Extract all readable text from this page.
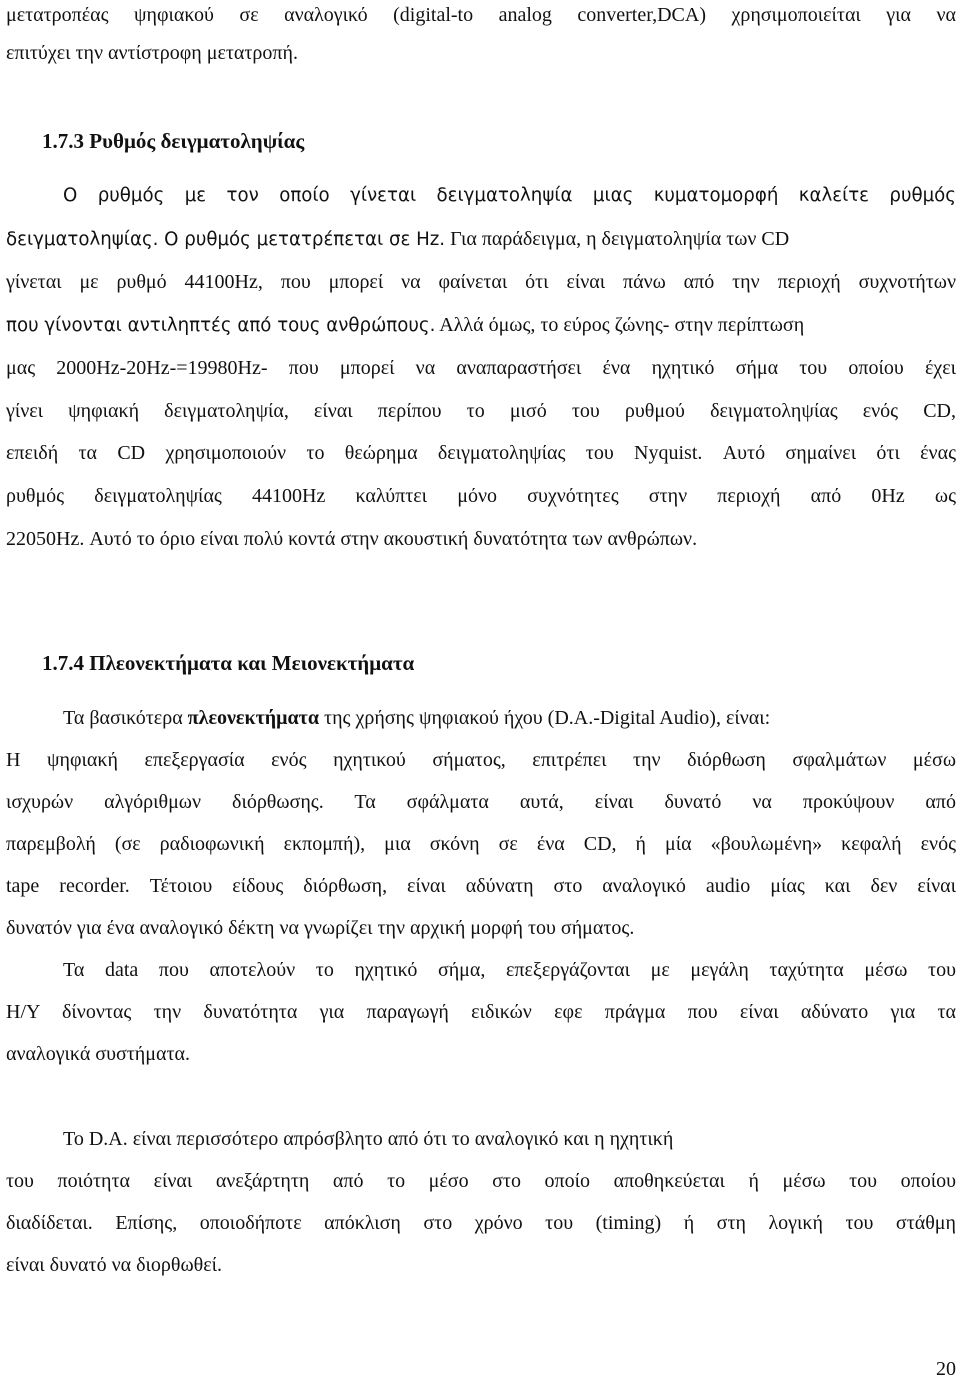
μετατροπέας ψηφιακού σε αναλογικό (digital-to analog converter,DCA) χρησιμοποιείται για να
επιτύχει την αντίστροφη μετατροπή.
1.7.3 Ρυθμός δειγματοληψίας
Ο ρυθμός με τον οποίο γίνεται δειγματοληψία μιας κυματομορφή καλείτε ρυθμός
δειγματοληψίας. Ο ρυθμός μετατρέπεται σε Hz. Για παράδειγμα, η δειγματοληψία των CD
γίνεται με ρυθμό 44100Hz, που μπορεί να φαίνεται ότι είναι πάνω από την περιοχή συχνοτήτων
που γίνονται αντιληπτές από τους ανθρώπους. Αλλά όμως, το εύρος ζώνης- στην περίπτωση
μας 2000Hz-20Hz-=19980Hz- που μπορεί να αναπαραστήσει ένα ηχητικό σήμα του οποίου έχει
γίνει ψηφιακή δειγματοληψία, είναι περίπου το μισό του ρυθμού δειγματοληψίας ενός CD,
επειδή τα CD χρησιμοποιούν το θεώρημα δειγματοληψίας του Nyquist. Αυτό σημαίνει ότι ένας
ρυθμός δειγματοληψίας 44100Hz καλύπτει μόνο συχνότητες στην περιοχή από 0Hz ως
22050Hz. Αυτό το όριο είναι πολύ κοντά στην ακουστική δυνατότητα των ανθρώπων.
1.7.4 Πλεονεκτήματα και Μειονεκτήματα
Τα βασικότερα πλεονεκτήματα της χρήσης ψηφιακού ήχου (D.A.-Digital Audio), είναι:
Η ψηφιακή επεξεργασία ενός ηχητικού σήματος, επιτρέπει την διόρθωση σφαλμάτων μέσω
ισχυρών αλγόριθμων διόρθωσης. Τα σφάλματα αυτά, είναι δυνατό να προκύψουν από
παρεμβολή (σε ραδιοφωνική εκπομπή), μια σκόνη σε ένα CD, ή μία «βουλωμένη» κεφαλή ενός
tape recorder. Τέτοιου είδους διόρθωση, είναι αδύνατη στο αναλογικό audio μίας και δεν είναι
δυνατόν για ένα αναλογικό δέκτη να γνωρίζει την αρχική μορφή του σήματος.
Τα data που αποτελούν το ηχητικό σήμα, επεξεργάζονται με μεγάλη ταχύτητα μέσω του
Η/Υ δίνοντας την δυνατότητα για παραγωγή ειδικών εφε πράγμα που είναι αδύνατο για τα
αναλογικά συστήματα.
Το D.A. είναι περισσότερο απρόσβλητο από ότι το αναλογικό και η ηχητική
του ποιότητα είναι ανεξάρτητη από το μέσο στο οποίο αποθηκεύεται ή μέσω του οποίου
διαδίδεται. Επίσης, οποιοδήποτε απόκλιση στο χρόνο του (timing) ή στη λογική του στάθμη
είναι δυνατό να διορθωθεί.
20
